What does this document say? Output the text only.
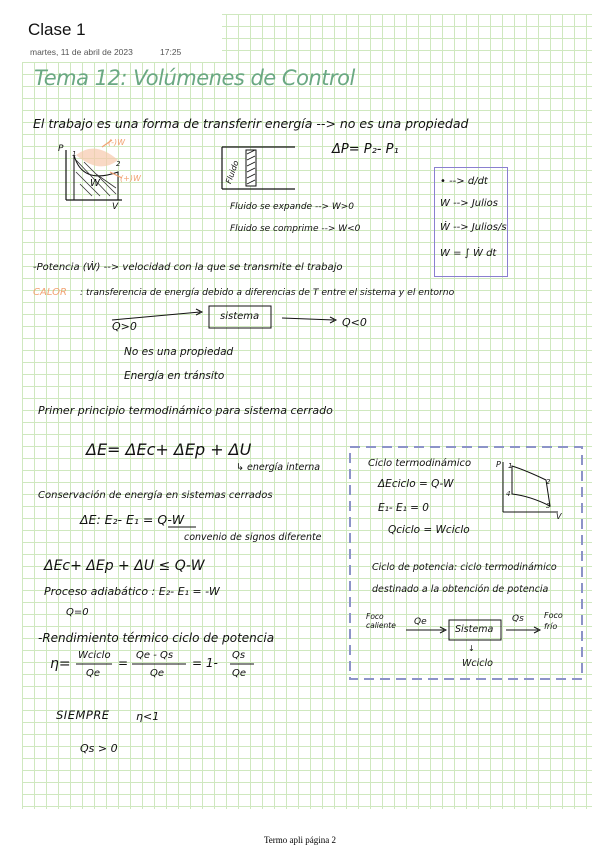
Clase 1
martes, 11 de abril de 2023	17:25
Tema 12: Volúmenes de Control
El trabajo es una forma de transferir energía --> no es una propiedad
P
V
(-)W
(+)W
W
1
2	Fluido
ΔP= P₂- P₁
Fluido se expande --> W>0
Fluido se comprime --> W<0
• --> d/dt
W --> Julios
Ẇ --> Julios/s
W = ∫ Ẇ dt
-Potencia (Ẇ) --> velocidad con la que se transmite el trabajo
CALOR : transferencia de energía debido a diferencias de T entre el sistema y el entorno
Q>0
sistema	Q<0
No es una propiedad
Energía en tránsito
Primer principio termodinámico para sistema cerrado
ΔE= ΔEᴄ+ ΔEp + ΔU
↳ energía interna
Conservación de energía en sistemas cerrados
ΔE: E₂- E₁ = Q-W
convenio de signos diferente
ΔEᴄ+ ΔEp + ΔU ≤ Q-W
Proceso adiabático : E₂- E₁ = -W
Q=0
-Rendimiento térmico ciclo de potencia
η=
Wciclo
Qe
=
Qe - Qs
Qe
= 1-
Qs
Qe
SIEMPRE η<1
Qs > 0
Ciclo termodinámico
ΔEciclo = Q-W
E₁- E₁ = 0
Qciclo = Wciclo
P
V
1
2
3
4
Ciclo de potencia: ciclo termodinámico
destinado a la obtención de potencia
Foco caliente	Qe
Sistema
Qs	Foco frío
↓
Wciclo
Termo apli página 2
